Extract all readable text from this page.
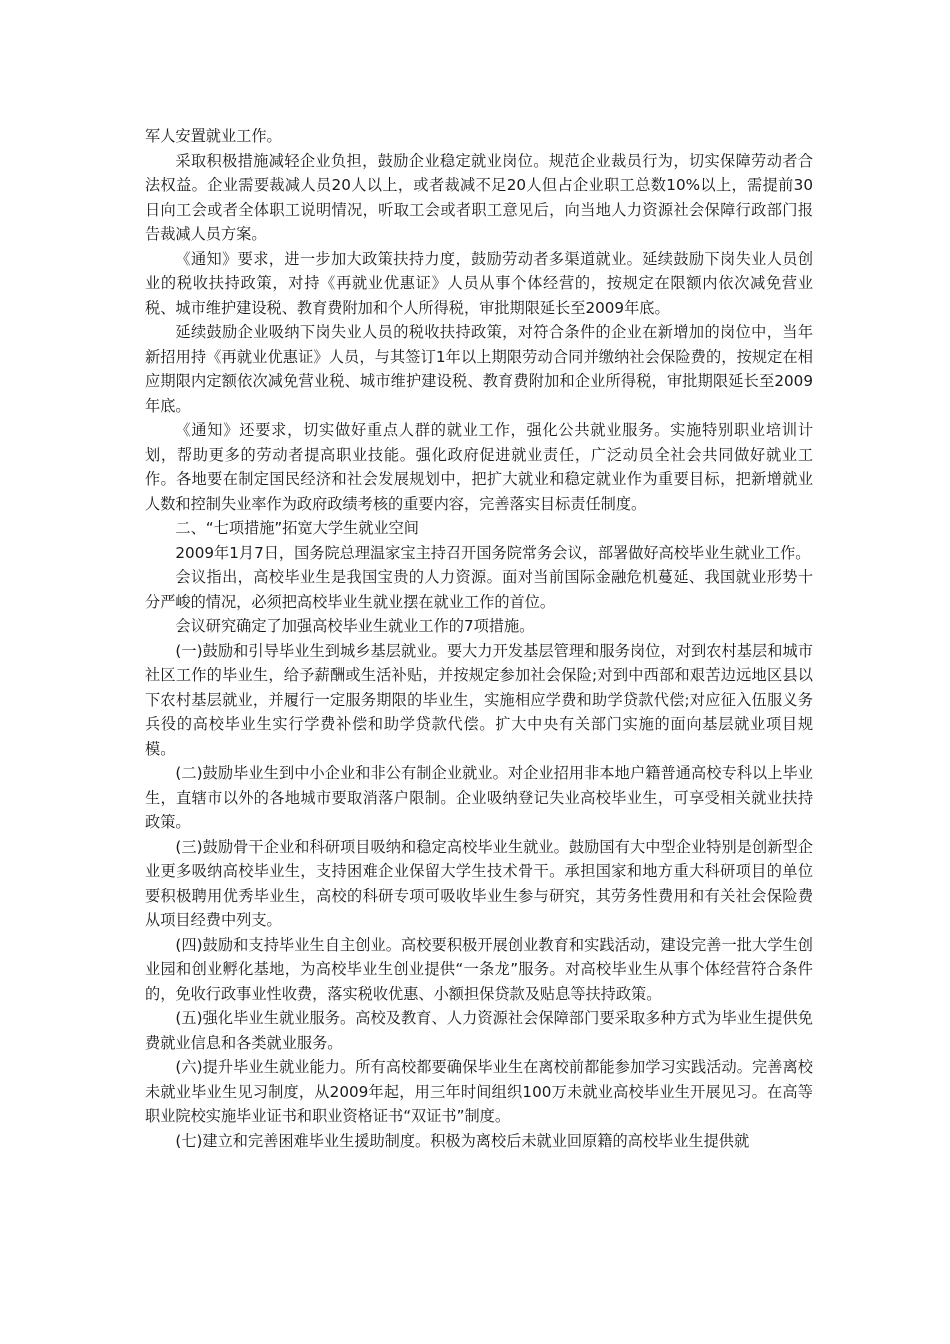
军人安置就业工作。

采取积极措施减轻企业负担，鼓励企业稳定就业岗位。规范企业裁员行为，切实保障劳动者合法权益。企业需要裁减人员20人以上，或者裁减不足20人但占企业职工总数10%以上，需提前30日向工会或者全体职工说明情况，听取工会或者职工意见后，向当地人力资源社会保障行政部门报告裁减人员方案。

《通知》要求，进一步加大政策扶持力度，鼓励劳动者多渠道就业。延续鼓励下岗失业人员创业的税收扶持政策，对持《再就业优惠证》人员从事个体经营的，按规定在限额内依次减免营业税、城市维护建设税、教育费附加和个人所得税，审批期限延长至2009年底。

延续鼓励企业吸纳下岗失业人员的税收扶持政策，对符合条件的企业在新增加的岗位中，当年新招用持《再就业优惠证》人员，与其签订1年以上期限劳动合同并缴纳社会保险费的，按规定在相应期限内定额依次减免营业税、城市维护建设税、教育费附加和企业所得税，审批期限延长至2009年底。

《通知》还要求，切实做好重点人群的就业工作，强化公共就业服务。实施特别职业培训计划，帮助更多的劳动者提高职业技能。强化政府促进就业责任，广泛动员全社会共同做好就业工作。各地要在制定国民经济和社会发展规划中，把扩大就业和稳定就业作为重要目标，把新增就业人数和控制失业率作为政府政绩考核的重要内容，完善落实目标责任制度。

二、“七项措施”拓宽大学生就业空间

2009年1月7日，国务院总理温家宝主持召开国务院常务会议，部署做好高校毕业生就业工作。

会议指出，高校毕业生是我国宝贵的人力资源。面对当前国际金融危机蔓延、我国就业形势十分严峻的情况，必须把高校毕业生就业摆在就业工作的首位。

会议研究确定了加强高校毕业生就业工作的7项措施。

(一)鼓励和引导毕业生到城乡基层就业。要大力开发基层管理和服务岗位，对到农村基层和城市社区工作的毕业生，给予薪酬或生活补贴，并按规定参加社会保险;对到中西部和艰苦边远地区县以下农村基层就业，并履行一定服务期限的毕业生，实施相应学费和助学贷款代偿;对应征入伍服义务兵役的高校毕业生实行学费补偿和助学贷款代偿。扩大中央有关部门实施的面向基层就业项目规模。

(二)鼓励毕业生到中小企业和非公有制企业就业。对企业招用非本地户籍普通高校专科以上毕业生，直辖市以外的各地城市要取消落户限制。企业吸纳登记失业高校毕业生，可享受相关就业扶持政策。

(三)鼓励骨干企业和科研项目吸纳和稳定高校毕业生就业。鼓励国有大中型企业特别是创新型企业更多吸纳高校毕业生，支持困难企业保留大学生技术骨干。承担国家和地方重大科研项目的单位要积极聘用优秀毕业生，高校的科研专项可吸收毕业生参与研究，其劳务性费用和有关社会保险费从项目经费中列支。

(四)鼓励和支持毕业生自主创业。高校要积极开展创业教育和实践活动，建设完善一批大学生创业园和创业孵化基地，为高校毕业生创业提供“一条龙”服务。对高校毕业生从事个体经营符合条件的，免收行政事业性收费，落实税收优惠、小额担保贷款及贴息等扶持政策。

(五)强化毕业生就业服务。高校及教育、人力资源社会保障部门要采取多种方式为毕业生提供免费就业信息和各类就业服务。

(六)提升毕业生就业能力。所有高校都要确保毕业生在离校前都能参加学习实践活动。完善离校未就业毕业生见习制度，从2009年起，用三年时间组织100万未就业高校毕业生开展见习。在高等职业院校实施毕业证书和职业资格证书“双证书”制度。

(七)建立和完善困难毕业生援助制度。积极为离校后未就业回原籍的高校毕业生提供就
